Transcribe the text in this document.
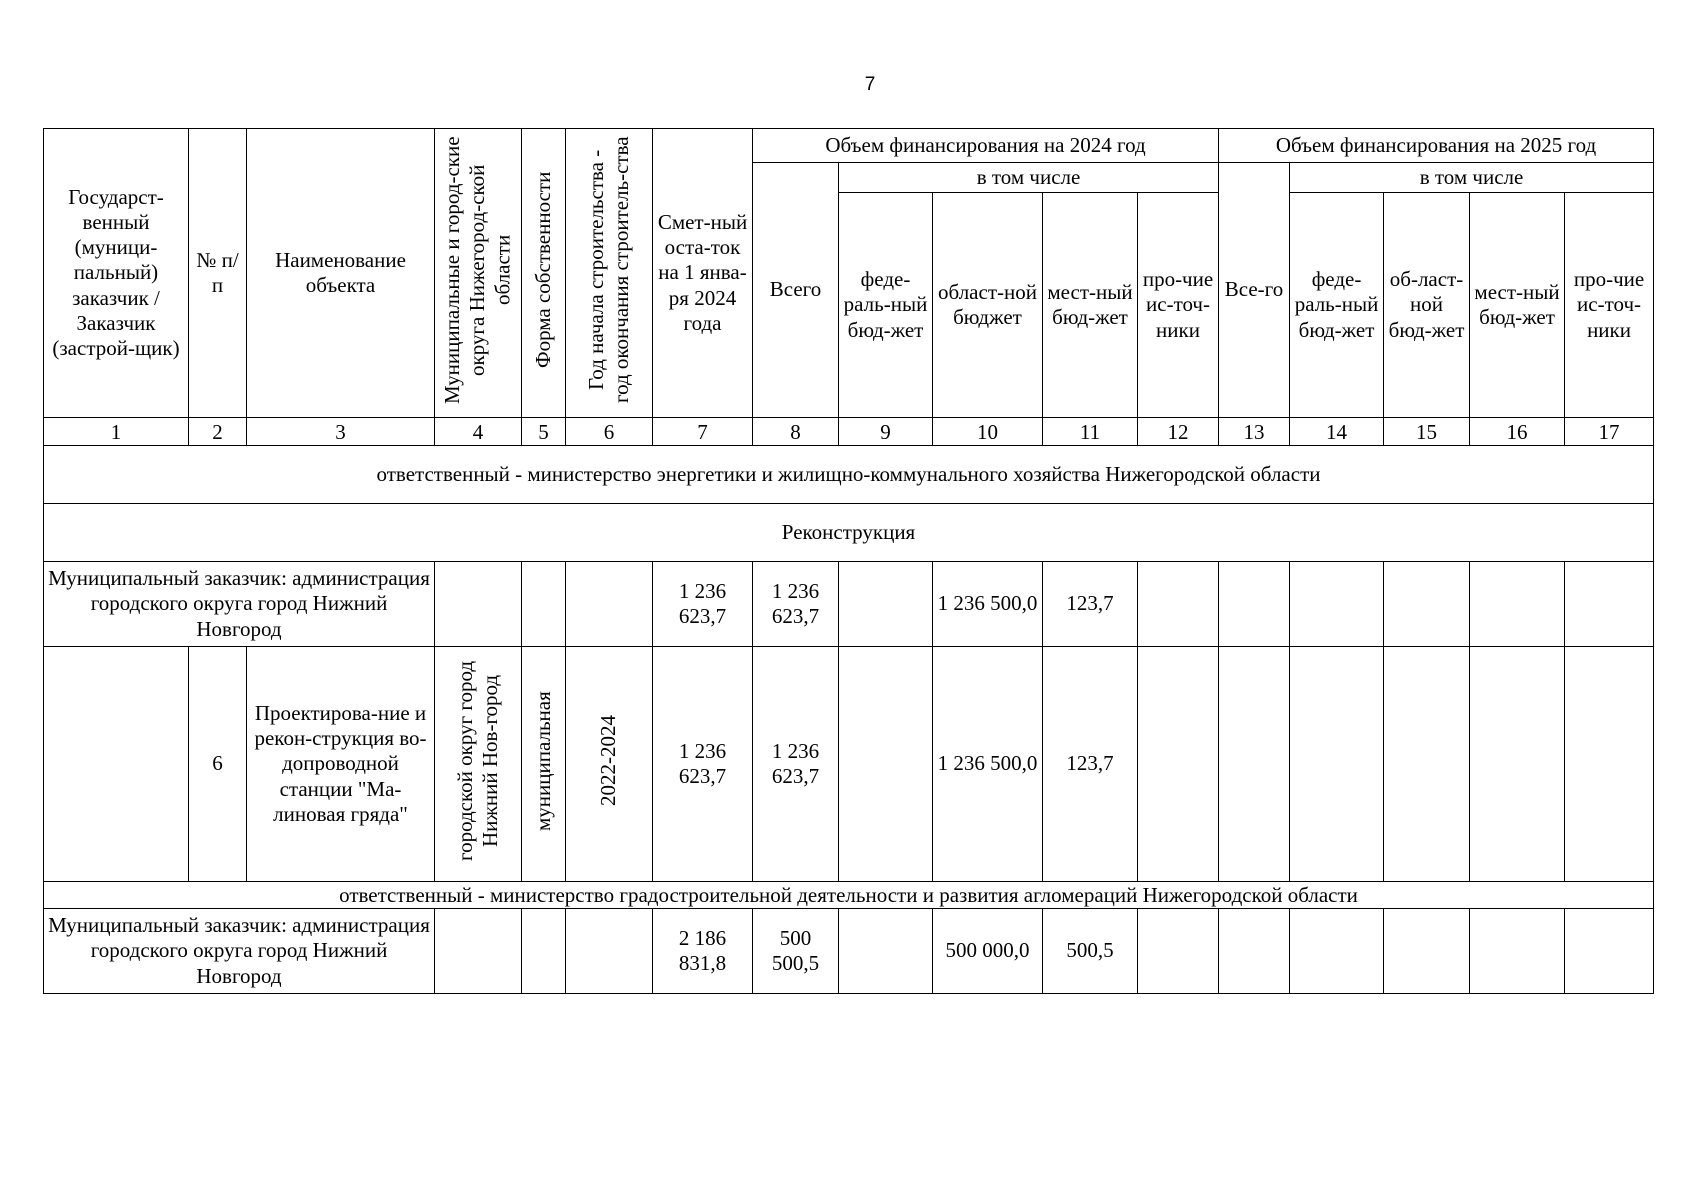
7
Государст-венный (муници-пальный) заказчик / Заказчик (застрой-щик)	№ п/п	Наименование объекта	Муниципальные и город-ские округа Нижегород-ской области	Форма собственности	Год начала строительства - год окончания строитель-ства	Смет-ный оста-ток на 1 янва-ря 2024 года	Объем финансирования на 2024 год					Объем финансирования на 2025 год				
							Всего	в том числе				Все-го	в том числе			
								феде-раль-ный бюд-жет	област-ной бюджет	мест-ный бюд-жет	про-чие ис-точ-ники		феде-раль-ный бюд-жет	об-ласт-ной бюд-жет	мест-ный бюд-жет	про-чие ис-точ-ники
1	2	3	4	5	6	7	8	9	10	11	12	13	14	15	16	17
ответственный - министерство энергетики и жилищно-коммунального хозяйства Нижегородской области																
Реконструкция																
Муниципальный заказчик: администрация городского округа город Нижний Новгород						1 236 623,7	1 236 623,7		1 236 500,0	123,7						
	6	Проектирова-ние и рекон-струкция во-допроводной станции "Ма-линовая гряда"	городской округ город Нижний Нов-город	муниципальная	2022-2024	1 236 623,7	1 236 623,7		1 236 500,0	123,7						
ответственный - министерство градостроительной деятельности и развития агломераций Нижегородской области																
Муниципальный заказчик: администрация городского округа город Нижний Новгород						2 186 831,8	500 500,5		500 000,0	500,5						
